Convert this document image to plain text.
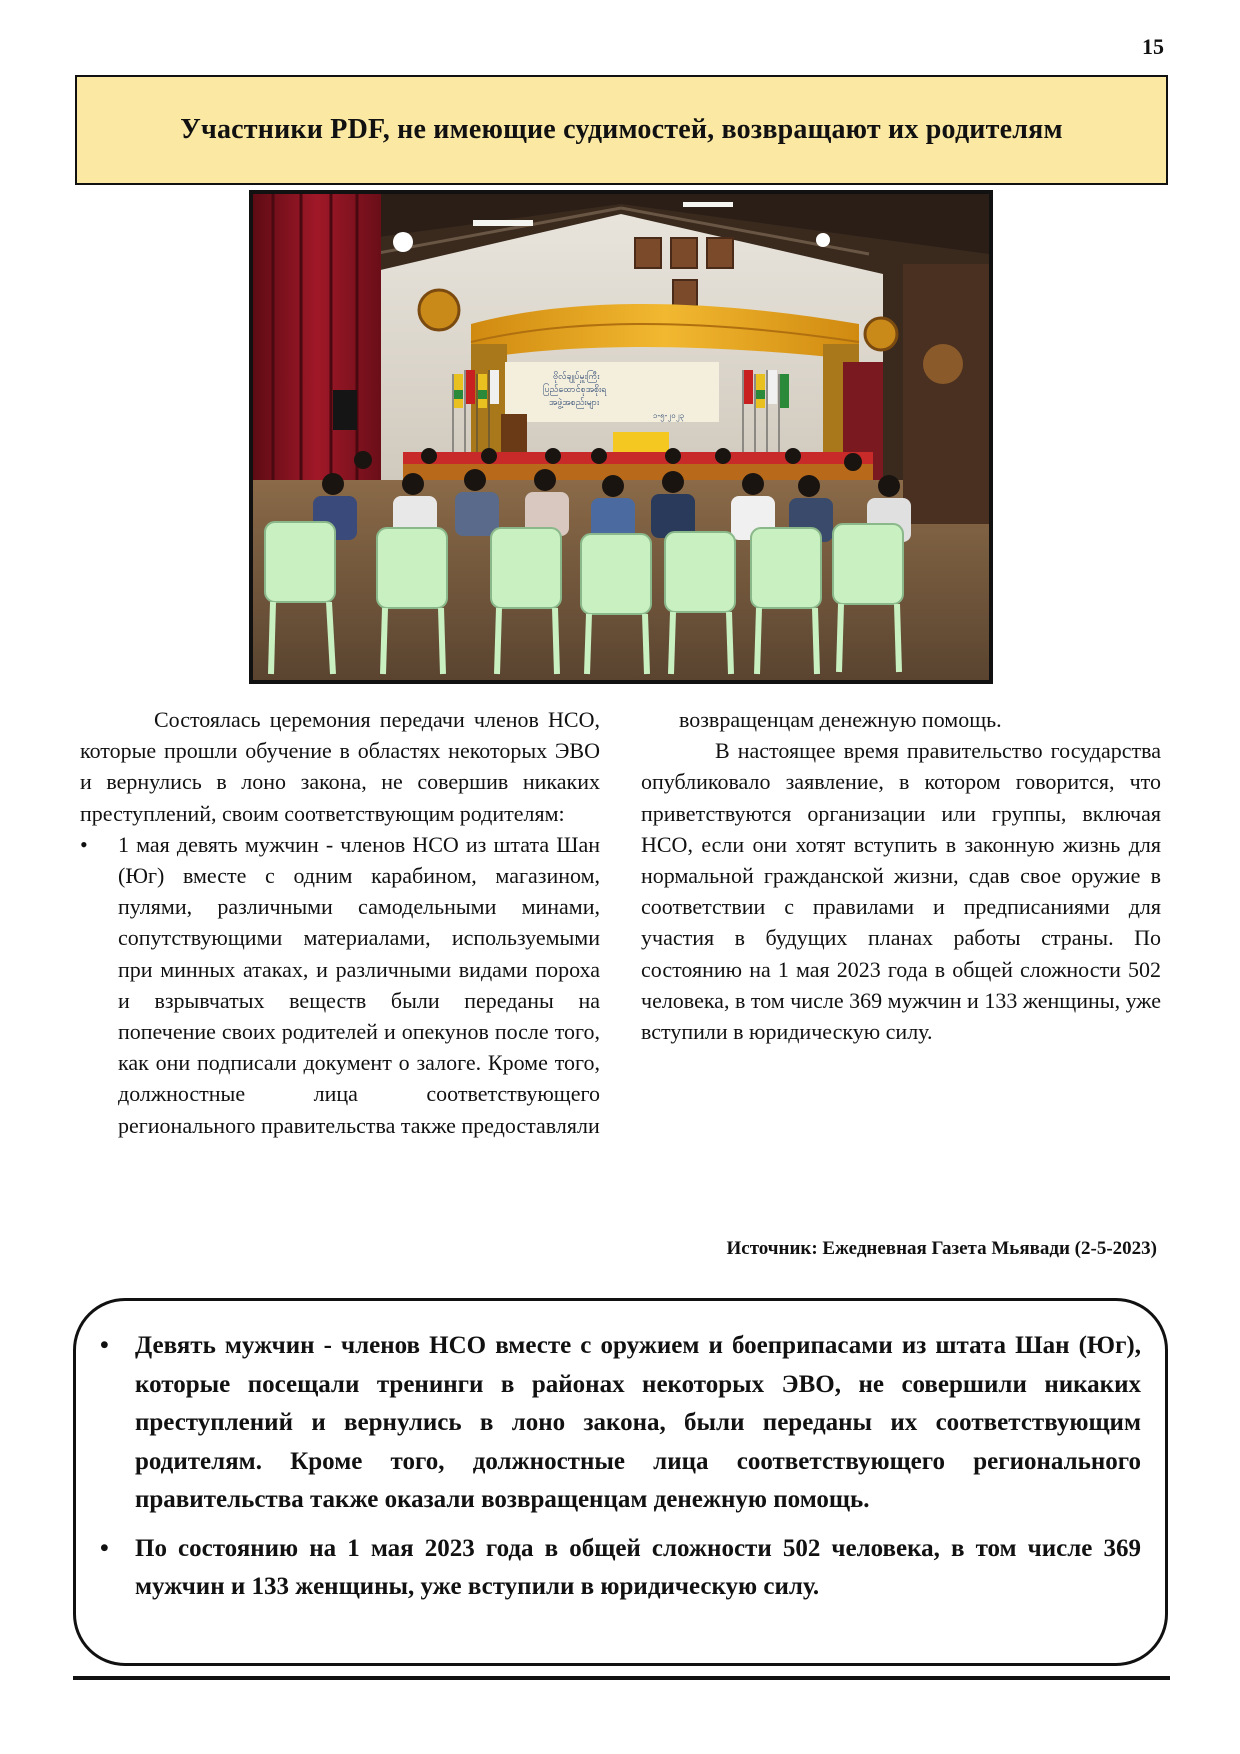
15
Участники PDF, не имеющие судимостей, возвращают их родителям
ဗိုလ်ချုပ်မှူးကြီး
ပြည်ထောင်စုအစိုးရ
အဖွဲ့အစည်းများ
၁-၅-၂၀၂၃

Состоялась церемония передачи членов НСО, которые прошли обучение в областях некоторых ЭВО и вернулись в лоно закона, не совершив никаких преступлений, своим соответствующим родителям:

• 1 мая девять мужчин - членов НСО из штата Шан (Юг) вместе с одним карабином, магазином, пулями, различными самодельными минами, сопутствующими материалами, используемыми при минных атаках, и различными видами пороха и взрывчатых веществ были переданы на попечение своих родителей и опекунов после того, как они подписали документ о залоге. Кроме того, должностные лица соответствующего регионального правительства также предоставляли

возвращенцам денежную помощь.

В настоящее время правительство государства опубликовало заявление, в котором говорится, что приветствуются организации или группы, включая НСО, если они хотят вступить в законную жизнь для нормальной гражданской жизни, сдав свое оружие в соответствии с правилами и предписаниями для участия в будущих планах работы страны. По состоянию на 1 мая 2023 года в общей сложности 502 человека, в том числе 369 мужчин и 133 женщины, уже вступили в юридическую силу.

Источник: Ежедневная Газета Мьявади (2-5-2023)
• Девять мужчин - членов НСО вместе с оружием и боеприпасами из штата Шан (Юг), которые посещали тренинги в районах некоторых ЭВО, не совершили никаких преступлений и вернулись в лоно закона, были переданы их соответствующим родителям. Кроме того, должностные лица соответствующего регионального правительства также оказали возвращенцам денежную помощь.
• По состоянию на 1 мая 2023 года в общей сложности 502 человека, в том числе 369 мужчин и 133 женщины, уже вступили в юридическую силу.
